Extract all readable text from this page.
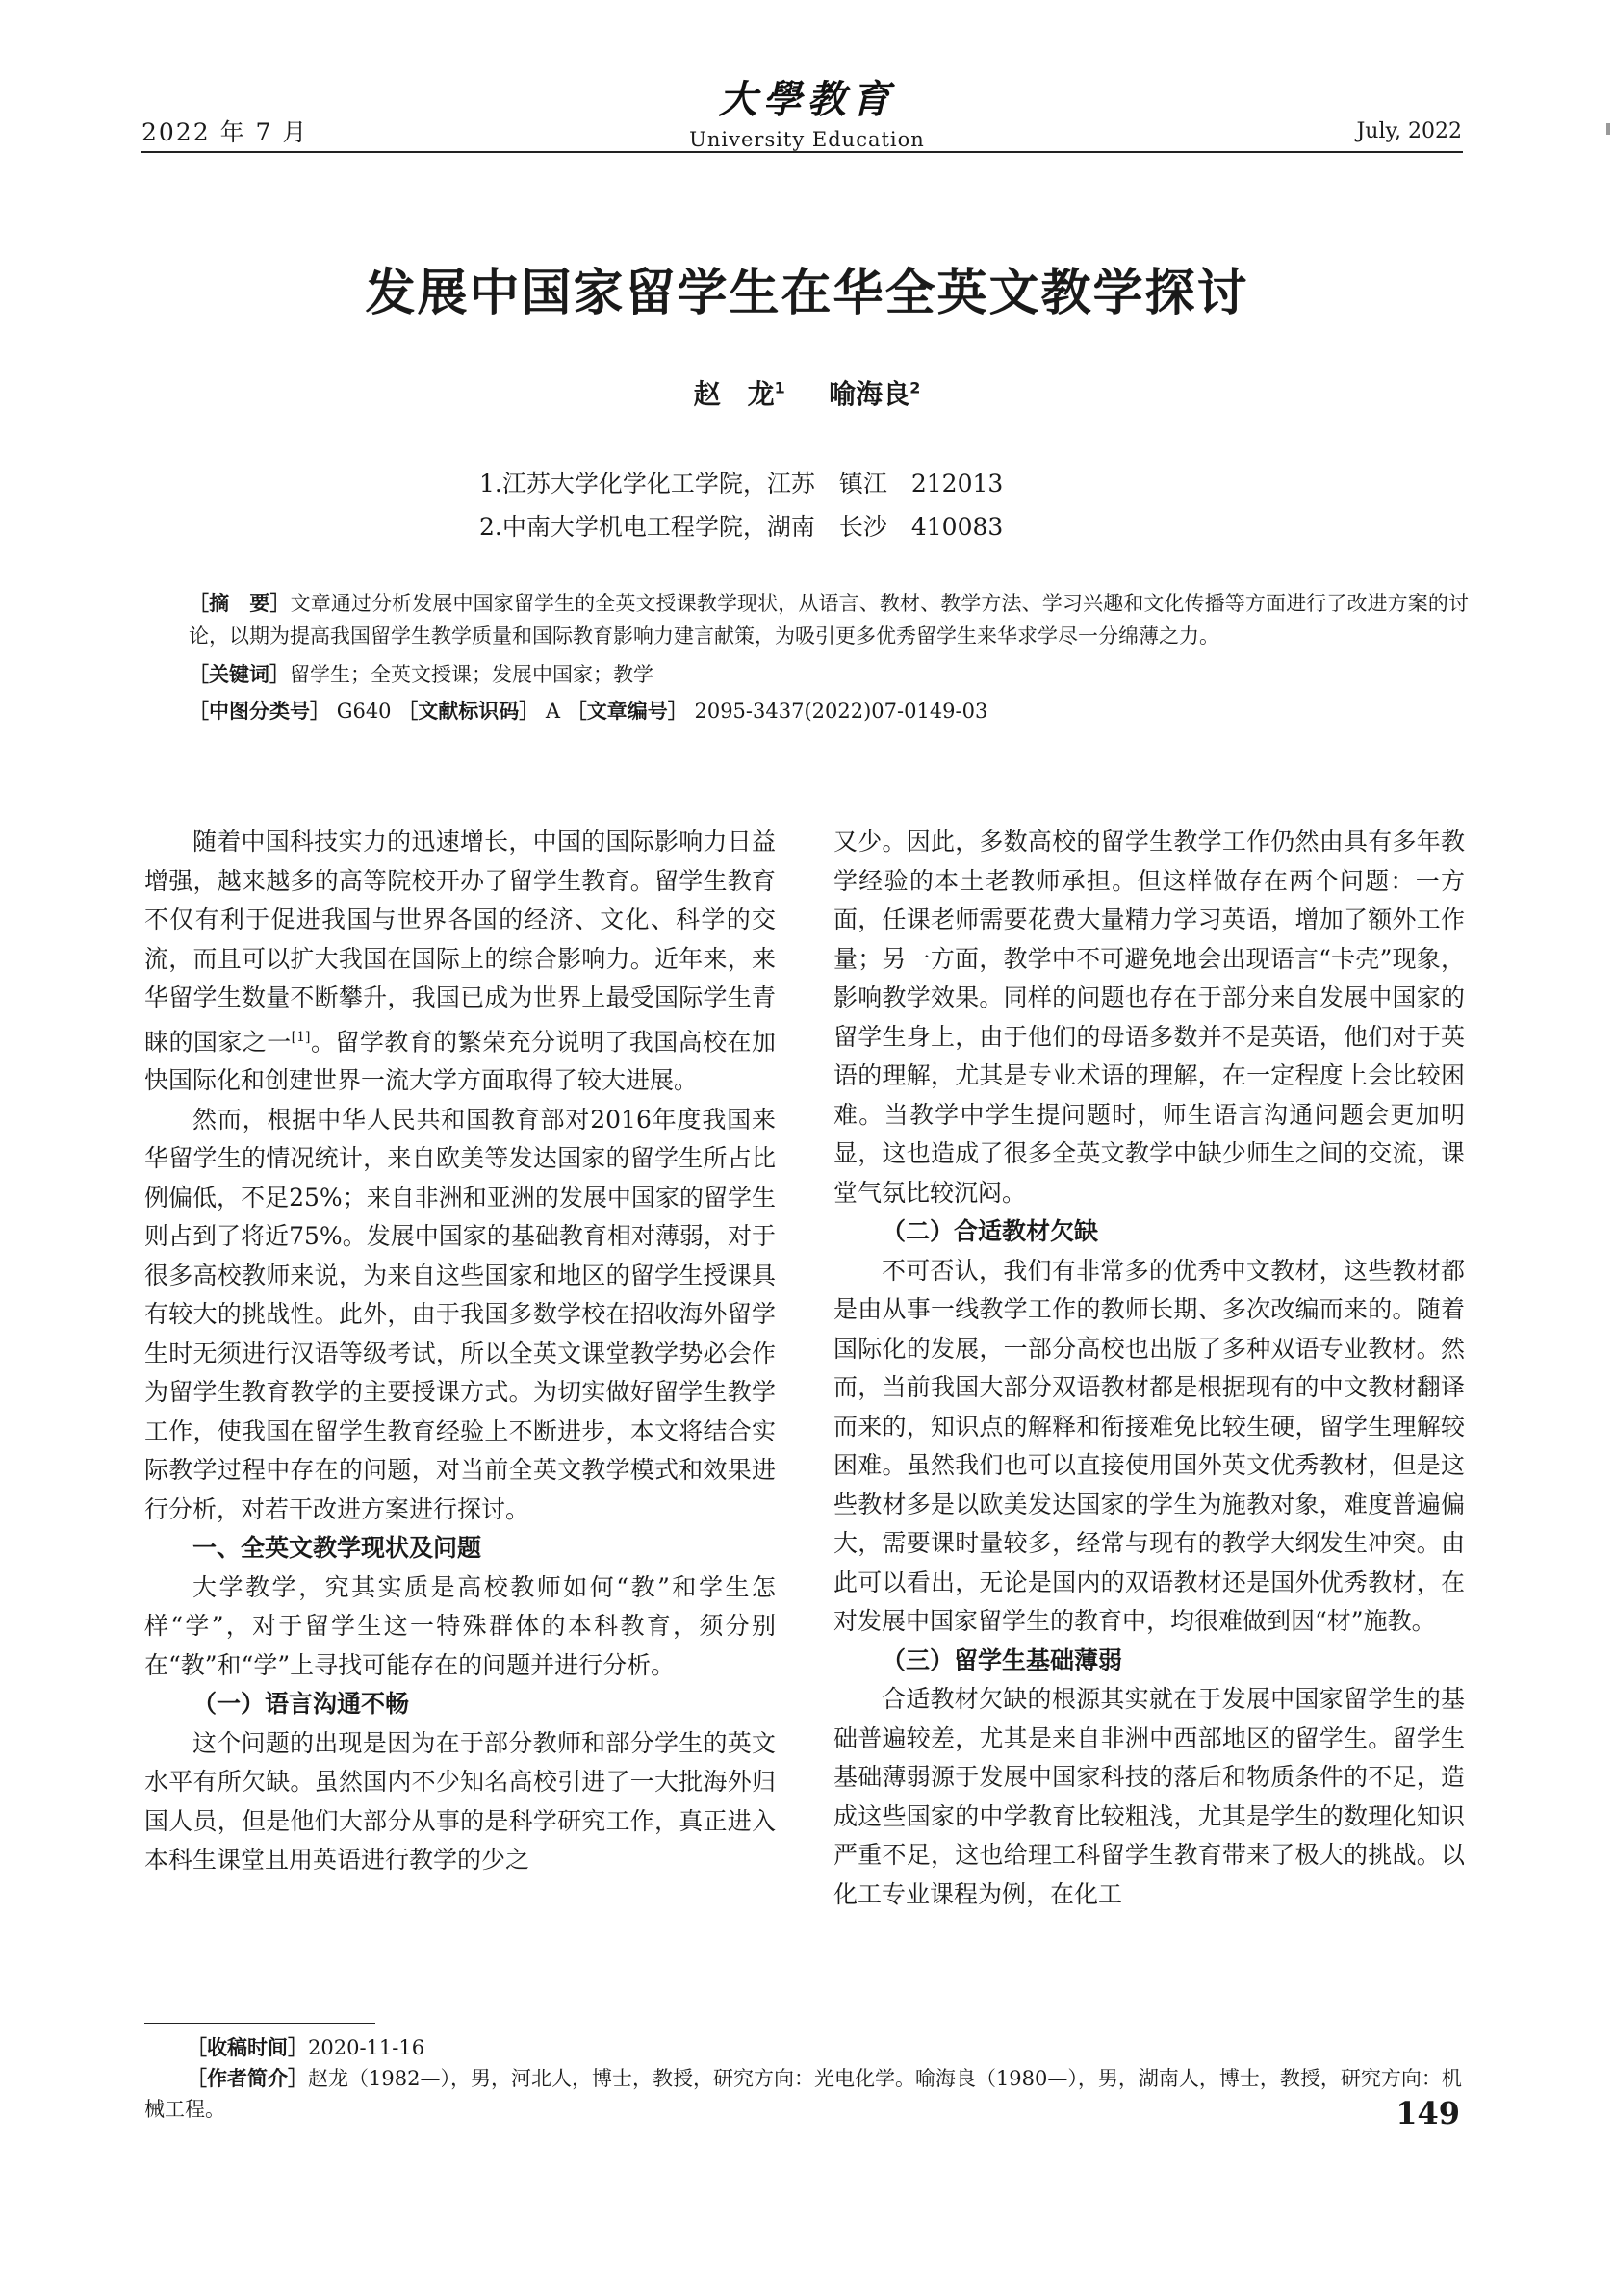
2022 年 7 月
大學教育
University Education	July, 2022
发展中国家留学生在华全英文教学探讨
赵　龙$^1$ 喻海良$^2$
1.江苏大学化学化工学院，江苏　镇江　212013
2.中南大学机电工程学院，湖南　长沙　410083

［摘　要］文章通过分析发展中国家留学生的全英文授课教学现状，从语言、教材、教学方法、学习兴趣和文化传播等方面进行了改进方案的讨论，以期为提高我国留学生教学质量和国际教育影响力建言献策，为吸引更多优秀留学生来华求学尽一分绵薄之力。

［关键词］留学生；全英文授课；发展中国家；教学

［中图分类号］ G640 ［文献标识码］ A ［文章编号］ 2095-3437(2022)07-0149-03

随着中国科技实力的迅速增长，中国的国际影响力日益增强，越来越多的高等院校开办了留学生教育。留学生教育不仅有利于促进我国与世界各国的经济、文化、科学的交流，而且可以扩大我国在国际上的综合影响力。近年来，来华留学生数量不断攀升，我国已成为世界上最受国际学生青睐的国家之一[1]。留学教育的繁荣充分说明了我国高校在加快国际化和创建世界一流大学方面取得了较大进展。

然而，根据中华人民共和国教育部对2016年度我国来华留学生的情况统计，来自欧美等发达国家的留学生所占比例偏低，不足25%；来自非洲和亚洲的发展中国家的留学生则占到了将近75%。发展中国家的基础教育相对薄弱，对于很多高校教师来说，为来自这些国家和地区的留学生授课具有较大的挑战性。此外，由于我国多数学校在招收海外留学生时无须进行汉语等级考试，所以全英文课堂教学势必会作为留学生教育教学的主要授课方式。为切实做好留学生教学工作，使我国在留学生教育经验上不断进步，本文将结合实际教学过程中存在的问题，对当前全英文教学模式和效果进行分析，对若干改进方案进行探讨。

一、全英文教学现状及问题

大学教学，究其实质是高校教师如何“教”和学生怎样“学”，对于留学生这一特殊群体的本科教育，须分别在“教”和“学”上寻找可能存在的问题并进行分析。

（一）语言沟通不畅

这个问题的出现是因为在于部分教师和部分学生的英文水平有所欠缺。虽然国内不少知名高校引进了一大批海外归国人员，但是他们大部分从事的是科学研究工作，真正进入本科生课堂且用英语进行教学的少之

又少。因此，多数高校的留学生教学工作仍然由具有多年教学经验的本土老教师承担。但这样做存在两个问题：一方面，任课老师需要花费大量精力学习英语，增加了额外工作量；另一方面，教学中不可避免地会出现语言“卡壳”现象，影响教学效果。同样的问题也存在于部分来自发展中国家的留学生身上，由于他们的母语多数并不是英语，他们对于英语的理解，尤其是专业术语的理解，在一定程度上会比较困难。当教学中学生提问题时，师生语言沟通问题会更加明显，这也造成了很多全英文教学中缺少师生之间的交流，课堂气氛比较沉闷。

（二）合适教材欠缺

不可否认，我们有非常多的优秀中文教材，这些教材都是由从事一线教学工作的教师长期、多次改编而来的。随着国际化的发展，一部分高校也出版了多种双语专业教材。然而，当前我国大部分双语教材都是根据现有的中文教材翻译而来的，知识点的解释和衔接难免比较生硬，留学生理解较困难。虽然我们也可以直接使用国外英文优秀教材，但是这些教材多是以欧美发达国家的学生为施教对象，难度普遍偏大，需要课时量较多，经常与现有的教学大纲发生冲突。由此可以看出，无论是国内的双语教材还是国外优秀教材，在对发展中国家留学生的教育中，均很难做到因“材”施教。

（三）留学生基础薄弱

合适教材欠缺的根源其实就在于发展中国家留学生的基础普遍较差，尤其是来自非洲中西部地区的留学生。留学生基础薄弱源于发展中国家科技的落后和物质条件的不足，造成这些国家的中学教育比较粗浅，尤其是学生的数理化知识严重不足，这也给理工科留学生教育带来了极大的挑战。以化工专业课程为例，在化工

［收稿时间］2020-11-16

［作者简介］赵龙（1982—），男，河北人，博士，教授，研究方向：光电化学。喻海良（1980—），男，湖南人，博士，教授，研究方向：机械工程。	149
